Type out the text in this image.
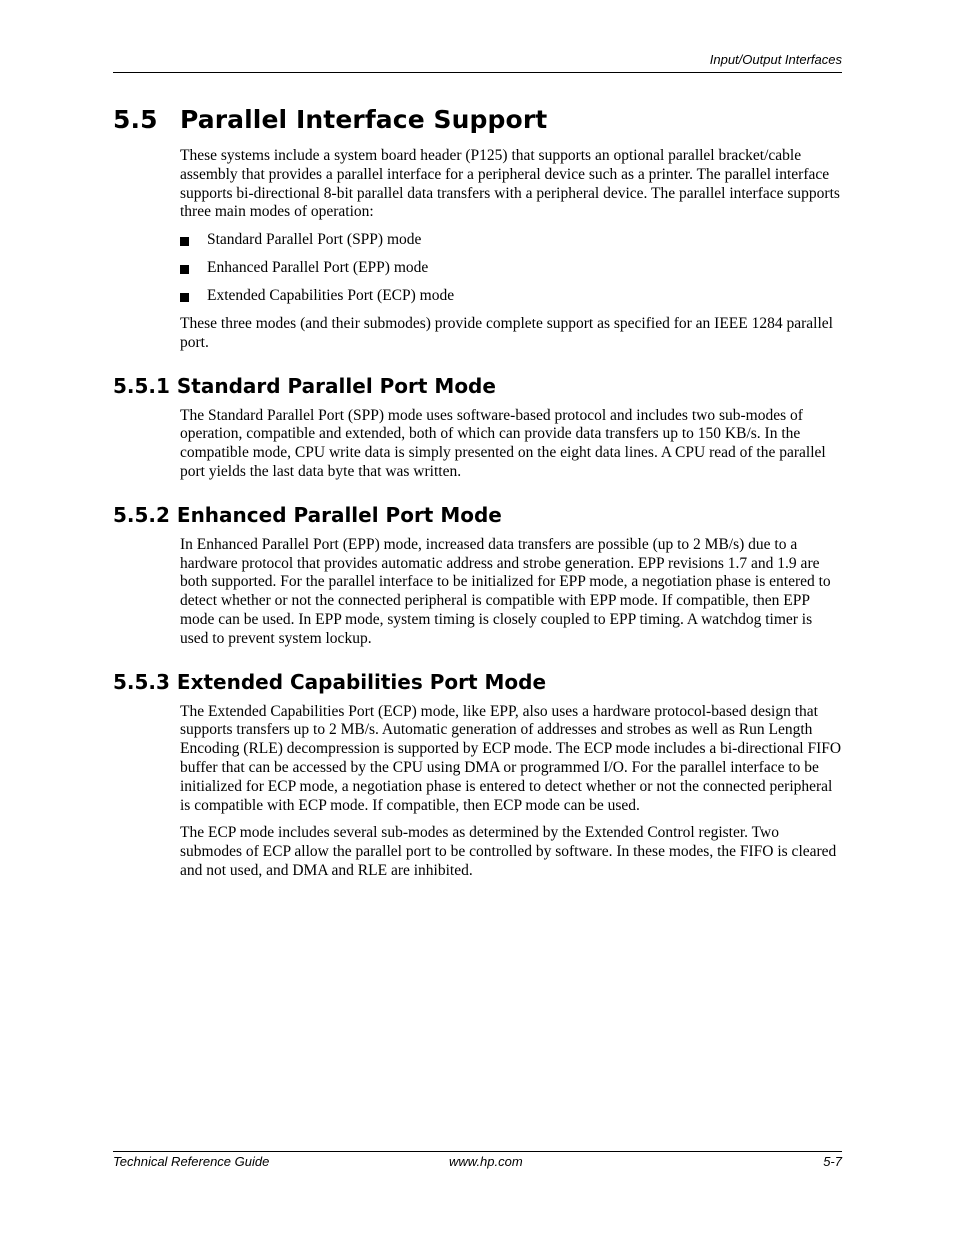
Input/Output Interfaces
5.5 Parallel Interface Support

These systems include a system board header (P125) that supports an optional parallel bracket/cable assembly that provides a parallel interface for a peripheral device such as a printer. The parallel interface supports bi-directional 8-bit parallel data transfers with a peripheral device. The parallel interface supports three main modes of operation:

Standard Parallel Port (SPP) mode
Enhanced Parallel Port (EPP) mode
Extended Capabilities Port (ECP) mode

These three modes (and their submodes) provide complete support as specified for an IEEE 1284 parallel port.

5.5.1 Standard Parallel Port Mode

The Standard Parallel Port (SPP) mode uses software-based protocol and includes two sub-modes of operation, compatible and extended, both of which can provide data transfers up to 150 KB/s. In the compatible mode, CPU write data is simply presented on the eight data lines. A CPU read of the parallel port yields the last data byte that was written.

5.5.2 Enhanced Parallel Port Mode

In Enhanced Parallel Port (EPP) mode, increased data transfers are possible (up to 2 MB/s) due to a hardware protocol that provides automatic address and strobe generation. EPP revisions 1.7 and 1.9 are both supported. For the parallel interface to be initialized for EPP mode, a negotiation phase is entered to detect whether or not the connected peripheral is compatible with EPP mode. If compatible, then EPP mode can be used. In EPP mode, system timing is closely coupled to EPP timing. A watchdog timer is used to prevent system lockup.

5.5.3 Extended Capabilities Port Mode

The Extended Capabilities Port (ECP) mode, like EPP, also uses a hardware protocol-based design that supports transfers up to 2 MB/s. Automatic generation of addresses and strobes as well as Run Length Encoding (RLE) decompression is supported by ECP mode. The ECP mode includes a bi-directional FIFO buffer that can be accessed by the CPU using DMA or programmed I/O. For the parallel interface to be initialized for ECP mode, a negotiation phase is entered to detect whether or not the connected peripheral is compatible with ECP mode. If compatible, then ECP mode can be used.

The ECP mode includes several sub-modes as determined by the Extended Control register. Two submodes of ECP allow the parallel port to be controlled by software. In these modes, the FIFO is cleared and not used, and DMA and RLE are inhibited.

Technical Reference Guide	www.hp.com	5-7
